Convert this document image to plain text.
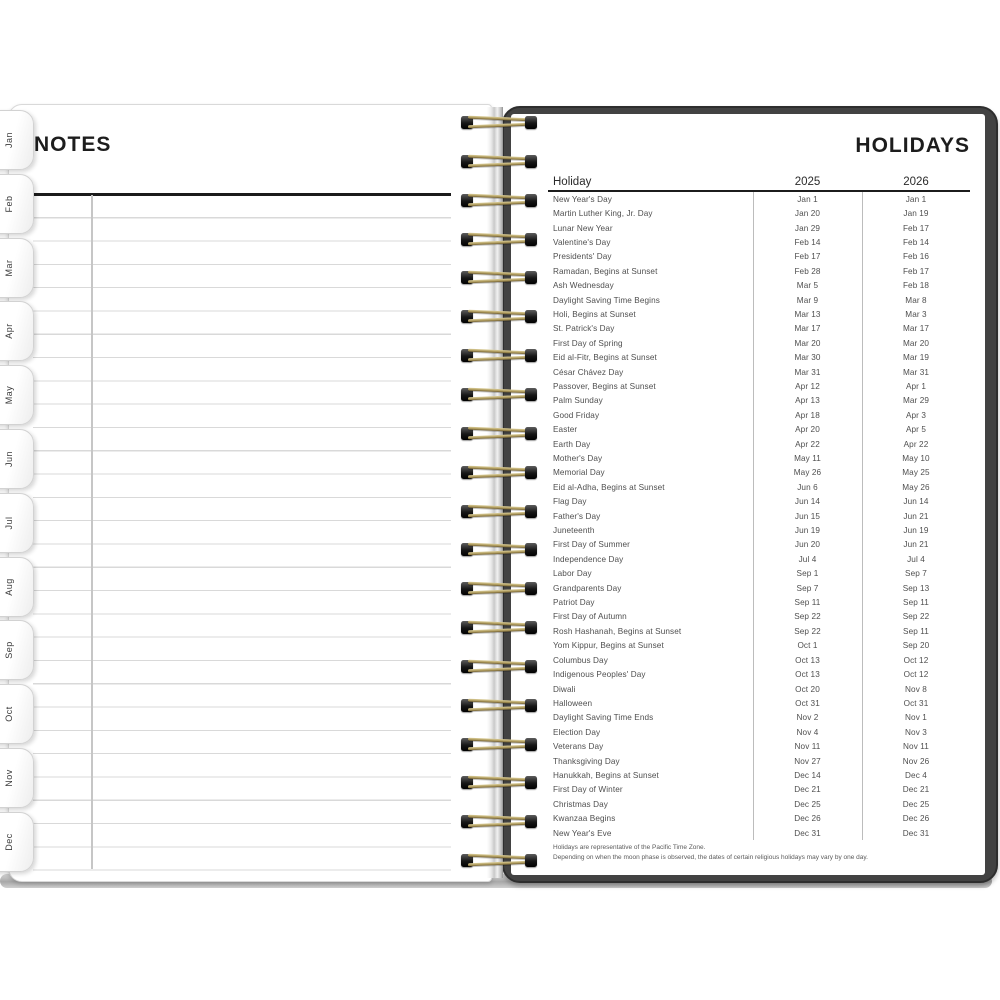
NOTES
Jan
Feb
Mar
Apr
May
Jun
Jul
Aug
Sep
Oct
Nov
Dec
HOLIDAYS
Holiday	2025	2026
New Year's Day	Jan 1	Jan 1
Martin Luther King, Jr. Day	Jan 20	Jan 19
Lunar New Year	Jan 29	Feb 17
Valentine's Day	Feb 14	Feb 14
Presidents' Day	Feb 17	Feb 16
Ramadan, Begins at Sunset	Feb 28	Feb 17
Ash Wednesday	Mar 5	Feb 18
Daylight Saving Time Begins	Mar 9	Mar 8
Holi, Begins at Sunset	Mar 13	Mar 3
St. Patrick's Day	Mar 17	Mar 17
First Day of Spring	Mar 20	Mar 20
Eid al-Fitr, Begins at Sunset	Mar 30	Mar 19
César Chávez Day	Mar 31	Mar 31
Passover, Begins at Sunset	Apr 12	Apr 1
Palm Sunday	Apr 13	Mar 29
Good Friday	Apr 18	Apr 3
Easter	Apr 20	Apr 5
Earth Day	Apr 22	Apr 22
Mother's Day	May 11	May 10
Memorial Day	May 26	May 25
Eid al-Adha, Begins at Sunset	Jun 6	May 26
Flag Day	Jun 14	Jun 14
Father's Day	Jun 15	Jun 21
Juneteenth	Jun 19	Jun 19
First Day of Summer	Jun 20	Jun 21
Independence Day	Jul 4	Jul 4
Labor Day	Sep 1	Sep 7
Grandparents Day	Sep 7	Sep 13
Patriot Day	Sep 11	Sep 11
First Day of Autumn	Sep 22	Sep 22
Rosh Hashanah, Begins at Sunset	Sep 22	Sep 11
Yom Kippur, Begins at Sunset	Oct 1	Sep 20
Columbus Day	Oct 13	Oct 12
Indigenous Peoples' Day	Oct 13	Oct 12
Diwali	Oct 20	Nov 8
Halloween	Oct 31	Oct 31
Daylight Saving Time Ends	Nov 2	Nov 1
Election Day	Nov 4	Nov 3
Veterans Day	Nov 11	Nov 11
Thanksgiving Day	Nov 27	Nov 26
Hanukkah, Begins at Sunset	Dec 14	Dec 4
First Day of Winter	Dec 21	Dec 21
Christmas Day	Dec 25	Dec 25
Kwanzaa Begins	Dec 26	Dec 26
New Year's Eve	Dec 31	Dec 31
Holidays are representative of the Pacific Time Zone.
Depending on when the moon phase is observed, the dates of certain religious holidays may vary by one day.
